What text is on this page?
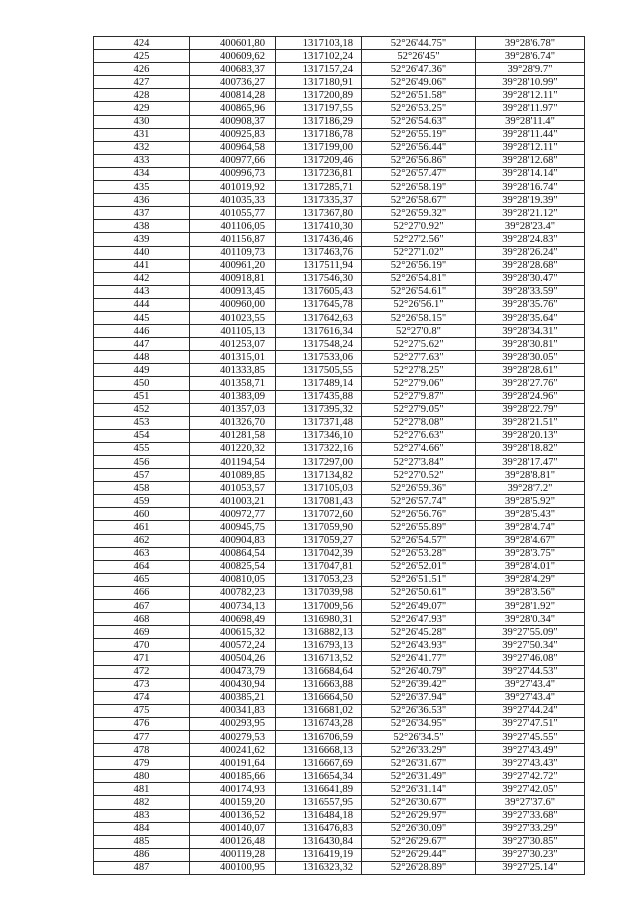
424	400601,80	1317103,18	52°26'44.75"	39°28'6.78"
425	400609,62	1317102,24	52°26'45"	39°28'6.74"
426	400683,37	1317157,24	52°26'47.36"	39°28'9.7"
427	400736,27	1317180,91	52°26'49.06"	39°28'10.99"
428	400814,28	1317200,89	52°26'51.58"	39°28'12.11"
429	400865,96	1317197,55	52°26'53.25"	39°28'11.97"
430	400908,37	1317186,29	52°26'54.63"	39°28'11.4"
431	400925,83	1317186,78	52°26'55.19"	39°28'11.44"
432	400964,58	1317199,00	52°26'56.44"	39°28'12.11"
433	400977,66	1317209,46	52°26'56.86"	39°28'12.68"
434	400996,73	1317236,81	52°26'57.47"	39°28'14.14"
435	401019,92	1317285,71	52°26'58.19"	39°28'16.74"
436	401035,33	1317335,37	52°26'58.67"	39°28'19.39"
437	401055,77	1317367,80	52°26'59.32"	39°28'21.12"
438	401106,05	1317410,30	52°27'0.92"	39°28'23.4"
439	401156,87	1317436,46	52°27'2.56"	39°28'24.83"
440	401109,73	1317463,76	52°27'1.02"	39°28'26.24"
441	400961,20	1317511,94	52°26'56.19"	39°28'28.68"
442	400918,81	1317546,30	52°26'54.81"	39°28'30.47"
443	400913,45	1317605,43	52°26'54.61"	39°28'33.59"
444	400960,00	1317645,78	52°26'56.1"	39°28'35.76"
445	401023,55	1317642,63	52°26'58.15"	39°28'35.64"
446	401105,13	1317616,34	52°27'0.8"	39°28'34.31"
447	401253,07	1317548,24	52°27'5.62"	39°28'30.81"
448	401315,01	1317533,06	52°27'7.63"	39°28'30.05"
449	401333,85	1317505,55	52°27'8.25"	39°28'28.61"
450	401358,71	1317489,14	52°27'9.06"	39°28'27.76"
451	401383,09	1317435,88	52°27'9.87"	39°28'24.96"
452	401357,03	1317395,32	52°27'9.05"	39°28'22.79"
453	401326,70	1317371,48	52°27'8.08"	39°28'21.51"
454	401281,58	1317346,10	52°27'6.63"	39°28'20.13"
455	401220,32	1317322,16	52°27'4.66"	39°28'18.82"
456	401194,54	1317297,00	52°27'3.84"	39°28'17.47"
457	401089,85	1317134,82	52°27'0.52"	39°28'8.81"
458	401053,57	1317105,03	52°26'59.36"	39°28'7.2"
459	401003,21	1317081,43	52°26'57.74"	39°28'5.92"
460	400972,77	1317072,60	52°26'56.76"	39°28'5.43"
461	400945,75	1317059,90	52°26'55.89"	39°28'4.74"
462	400904,83	1317059,27	52°26'54.57"	39°28'4.67"
463	400864,54	1317042,39	52°26'53.28"	39°28'3.75"
464	400825,54	1317047,81	52°26'52.01"	39°28'4.01"
465	400810,05	1317053,23	52°26'51.51"	39°28'4.29"
466	400782,23	1317039,98	52°26'50.61"	39°28'3.56"
467	400734,13	1317009,56	52°26'49.07"	39°28'1.92"
468	400698,49	1316980,31	52°26'47.93"	39°28'0.34"
469	400615,32	1316882,13	52°26'45.28"	39°27'55.09"
470	400572,24	1316793,13	52°26'43.93"	39°27'50.34"
471	400504,26	1316713,52	52°26'41.77"	39°27'46.08"
472	400473,79	1316684,64	52°26'40.79"	39°27'44.53"
473	400430,94	1316663,88	52°26'39.42"	39°27'43.4"
474	400385,21	1316664,50	52°26'37.94"	39°27'43.4"
475	400341,83	1316681,02	52°26'36.53"	39°27'44.24"
476	400293,95	1316743,28	52°26'34.95"	39°27'47.51"
477	400279,53	1316706,59	52°26'34.5"	39°27'45.55"
478	400241,62	1316668,13	52°26'33.29"	39°27'43.49"
479	400191,64	1316667,69	52°26'31.67"	39°27'43.43"
480	400185,66	1316654,34	52°26'31.49"	39°27'42.72"
481	400174,93	1316641,89	52°26'31.14"	39°27'42.05"
482	400159,20	1316557,95	52°26'30.67"	39°27'37.6"
483	400136,52	1316484,18	52°26'29.97"	39°27'33.68"
484	400140,07	1316476,83	52°26'30.09"	39°27'33.29"
485	400126,48	1316430,84	52°26'29.67"	39°27'30.85"
486	400119,28	1316419,19	52°26'29.44"	39°27'30.23"
487	400100,95	1316323,32	52°26'28.89"	39°27'25.14"
